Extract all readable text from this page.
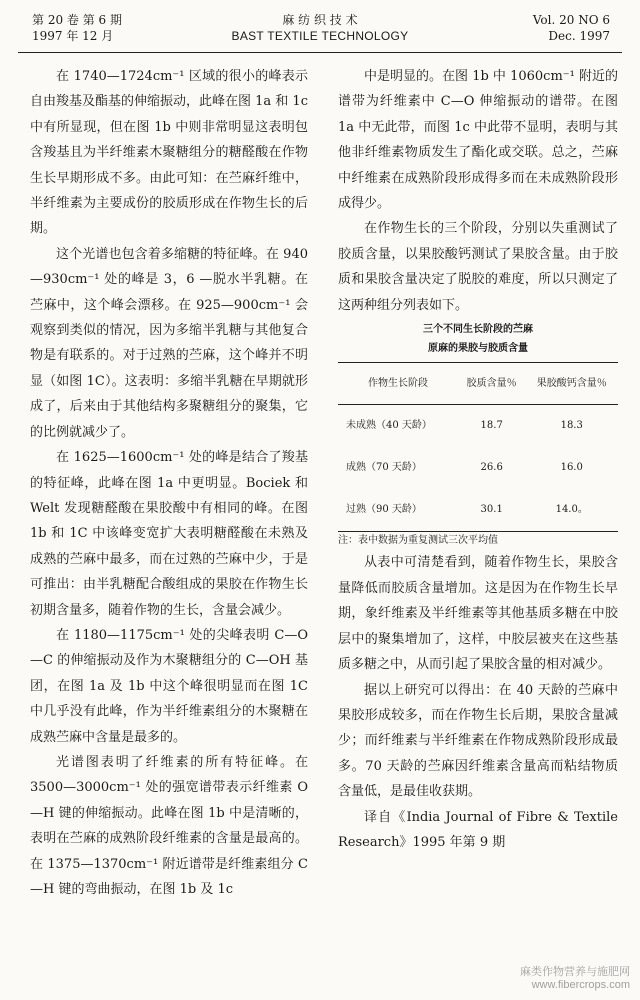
第 20 卷 第 6 期
1997 年 12 月
麻 纺 织 技 术
BAST TEXTILE TECHNOLOGY
Vol. 20 NO 6
Dec. 1997

在 1740—1724cm⁻¹ 区域的很小的峰表示自由羧基及酯基的伸缩振动，此峰在图 1a 和 1c 中有所显现，但在图 1b 中则非常明显这表明包含羧基且为半纤维素木聚糖组分的糖醛酸在作物生长早期形成不多。由此可知：在苎麻纤维中，半纤维素为主要成份的胶质形成在作物生长的后期。

这个光谱也包含着多缩糖的特征峰。在 940—930cm⁻¹ 处的峰是 3，6 —脱水半乳糖。在苎麻中，这个峰会漂移。在 925—900cm⁻¹ 会观察到类似的情况，因为多缩半乳糖与其他复合物是有联系的。对于过熟的苎麻，这个峰并不明显（如图 1C）。这表明：多缩半乳糖在早期就形成了，后来由于其他结构多聚糖组分的聚集，它的比例就减少了。

在 1625—1600cm⁻¹ 处的峰是结合了羧基的特征峰，此峰在图 1a 中更明显。Bociek 和 Welt 发现糖醛酸在果胶酸中有相同的峰。在图 1b 和 1C 中该峰变宽扩大表明糖醛酸在未熟及成熟的苎麻中最多，而在过熟的苎麻中少，于是可推出：由半乳糖配合酸组成的果胶在作物生长初期含量多，随着作物的生长，含量会减少。

在 1180—1175cm⁻¹ 处的尖峰表明 C—O—C 的伸缩振动及作为木聚糖组分的 C—OH 基团，在图 1a 及 1b 中这个峰很明显而在图 1C 中几乎没有此峰，作为半纤维素组分的木聚糖在成熟苎麻中含量是最多的。

光谱图表明了纤维素的所有特征峰。在 3500—3000cm⁻¹ 处的强宽谱带表示纤维素 O—H 键的伸缩振动。此峰在图 1b 中是清晰的，表明在苎麻的成熟阶段纤维素的含量是最高的。在 1375—1370cm⁻¹ 附近谱带是纤维素组分 C—H 键的弯曲振动，在图 1b 及 1c

中是明显的。在图 1b 中 1060cm⁻¹ 附近的谱带为纤维素中 C—O 伸缩振动的谱带。在图 1a 中无此带，而图 1c 中此带不显明，表明与其他非纤维素物质发生了酯化或交联。总之，苎麻中纤维素在成熟阶段形成得多而在未成熟阶段形成得少。

在作物生长的三个阶段，分别以失重测试了胶质含量，以果胶酸钙测试了果胶含量。由于胶质和果胶含量决定了脱胶的难度，所以只测定了这两种组分列表如下。

三个不同生长阶段的苎麻
原麻的果胶与胶质含量
作物生长阶段	胶质含量％	果胶酸钙含量％
未成熟（40 天龄）	18.7	18.3
成熟（70 天龄）	26.6	16.0
过熟（90 天龄）	30.1	14.0。

注：表中数据为重复测试三次平均值

从表中可清楚看到，随着作物生长，果胶含量降低而胶质含量增加。这是因为在作物生长早期，象纤维素及半纤维素等其他基质多糖在中胶层中的聚集增加了，这样，中胶层被夹在这些基质多糖之中，从而引起了果胶含量的相对减少。

据以上研究可以得出：在 40 天龄的苎麻中果胶形成较多，而在作物生长后期，果胶含量减少；而纤维素与半纤维素在作物成熟阶段形成最多。70 天龄的苎麻因纤维素含量高而粘结物质含量低，是最佳收获期。

译自《India Journal of Fibre & Textile Research》1995 年第 9 期

麻类作物营养与施肥网
www.fibercrops.com
